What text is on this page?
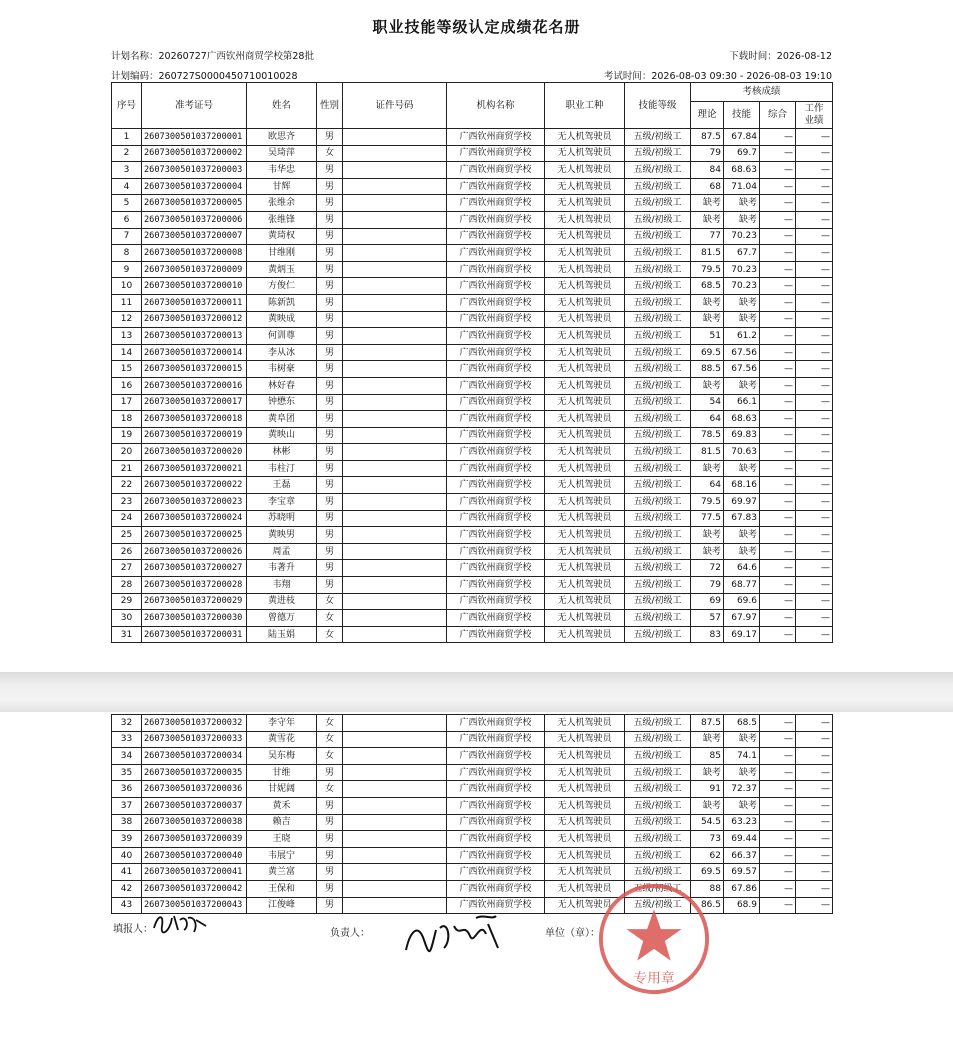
职业技能等级认定成绩花名册
计划名称：20260727广西钦州商贸学校第28批	下载时间：2026-08-12
计划编码：260727S0000450710010028	考试时间：2026-08-03 09:30 - 2026-08-03 19:10
序号	准考证号	姓名	性别	证件号码	机构名称	职业工种	技能等级	考核成绩			
								理论	技能	综合	工作
业绩
1	2607300501037200001	欧思齐	男		广西钦州商贸学校	无人机驾驶员	五级/初级工	87.5	67.84	—	—
2	2607300501037200002	吴琦萍	女		广西钦州商贸学校	无人机驾驶员	五级/初级工	79	69.7	—	—
3	2607300501037200003	韦华忠	男		广西钦州商贸学校	无人机驾驶员	五级/初级工	84	68.63	—	—
4	2607300501037200004	甘辉	男		广西钦州商贸学校	无人机驾驶员	五级/初级工	68	71.04	—	—
5	2607300501037200005	张维余	男		广西钦州商贸学校	无人机驾驶员	五级/初级工	缺考	缺考	—	—
6	2607300501037200006	张维锋	男		广西钦州商贸学校	无人机驾驶员	五级/初级工	缺考	缺考	—	—
7	2607300501037200007	黄琦权	男		广西钦州商贸学校	无人机驾驶员	五级/初级工	77	70.23	—	—
8	2607300501037200008	甘维刚	男		广西钦州商贸学校	无人机驾驶员	五级/初级工	81.5	67.7	—	—
9	2607300501037200009	黄炳玉	男		广西钦州商贸学校	无人机驾驶员	五级/初级工	79.5	70.23	—	—
10	2607300501037200010	方俊仁	男		广西钦州商贸学校	无人机驾驶员	五级/初级工	68.5	70.23	—	—
11	2607300501037200011	陈新凯	男		广西钦州商贸学校	无人机驾驶员	五级/初级工	缺考	缺考	—	—
12	2607300501037200012	黄映成	男		广西钦州商贸学校	无人机驾驶员	五级/初级工	缺考	缺考	—	—
13	2607300501037200013	何训尊	男		广西钦州商贸学校	无人机驾驶员	五级/初级工	51	61.2	—	—
14	2607300501037200014	李从冰	男		广西钦州商贸学校	无人机驾驶员	五级/初级工	69.5	67.56	—	—
15	2607300501037200015	韦树豪	男		广西钦州商贸学校	无人机驾驶员	五级/初级工	88.5	67.56	—	—
16	2607300501037200016	林好春	男		广西钦州商贸学校	无人机驾驶员	五级/初级工	缺考	缺考	—	—
17	2607300501037200017	钟懋东	男		广西钦州商贸学校	无人机驾驶员	五级/初级工	54	66.1	—	—
18	2607300501037200018	黄阜团	男		广西钦州商贸学校	无人机驾驶员	五级/初级工	64	68.63	—	—
19	2607300501037200019	黄映山	男		广西钦州商贸学校	无人机驾驶员	五级/初级工	78.5	69.83	—	—
20	2607300501037200020	林彬	男		广西钦州商贸学校	无人机驾驶员	五级/初级工	81.5	70.63	—	—
21	2607300501037200021	韦柱汀	男		广西钦州商贸学校	无人机驾驶员	五级/初级工	缺考	缺考	—	—
22	2607300501037200022	王磊	男		广西钦州商贸学校	无人机驾驶员	五级/初级工	64	68.16	—	—
23	2607300501037200023	李宝章	男		广西钦州商贸学校	无人机驾驶员	五级/初级工	79.5	69.97	—	—
24	2607300501037200024	苏晓明	男		广西钦州商贸学校	无人机驾驶员	五级/初级工	77.5	67.83	—	—
25	2607300501037200025	黄映男	男		广西钦州商贸学校	无人机驾驶员	五级/初级工	缺考	缺考	—	—
26	2607300501037200026	周孟	男		广西钦州商贸学校	无人机驾驶员	五级/初级工	缺考	缺考	—	—
27	2607300501037200027	韦著升	男		广西钦州商贸学校	无人机驾驶员	五级/初级工	72	64.6	—	—
28	2607300501037200028	韦翔	男		广西钦州商贸学校	无人机驾驶员	五级/初级工	79	68.77	—	—
29	2607300501037200029	黄进枝	女		广西钦州商贸学校	无人机驾驶员	五级/初级工	69	69.6	—	—
30	2607300501037200030	曾德万	女		广西钦州商贸学校	无人机驾驶员	五级/初级工	57	67.97	—	—
31	2607300501037200031	陆玉娟	女		广西钦州商贸学校	无人机驾驶员	五级/初级工	83	69.17	—	—
32	2607300501037200032	李守年	女		广西钦州商贸学校	无人机驾驶员	五级/初级工	87.5	68.5	—	—
33	2607300501037200033	黄雪花	女		广西钦州商贸学校	无人机驾驶员	五级/初级工	缺考	缺考	—	—
34	2607300501037200034	吴东梅	女		广西钦州商贸学校	无人机驾驶员	五级/初级工	85	74.1	—	—
35	2607300501037200035	甘维	男		广西钦州商贸学校	无人机驾驶员	五级/初级工	缺考	缺考	—	—
36	2607300501037200036	甘妮阔	女		广西钦州商贸学校	无人机驾驶员	五级/初级工	91	72.37	—	—
37	2607300501037200037	黄禾	男		广西钦州商贸学校	无人机驾驶员	五级/初级工	缺考	缺考	—	—
38	2607300501037200038	赖吉	男		广西钦州商贸学校	无人机驾驶员	五级/初级工	54.5	63.23	—	—
39	2607300501037200039	王晓	男		广西钦州商贸学校	无人机驾驶员	五级/初级工	73	69.44	—	—
40	2607300501037200040	韦展宁	男		广西钦州商贸学校	无人机驾驶员	五级/初级工	62	66.37	—	—
41	2607300501037200041	黄兰富	男		广西钦州商贸学校	无人机驾驶员	五级/初级工	69.5	69.57	—	—
42	2607300501037200042	王保和	男		广西钦州商贸学校	无人机驾驶员	五级/初级工	88	67.86	—	—
43	2607300501037200043	江俊峰	男		广西钦州商贸学校	无人机驾驶员	五级/初级工	86.5	68.9	—	—
填报人：	负责人：	单位（章）：
专用章
